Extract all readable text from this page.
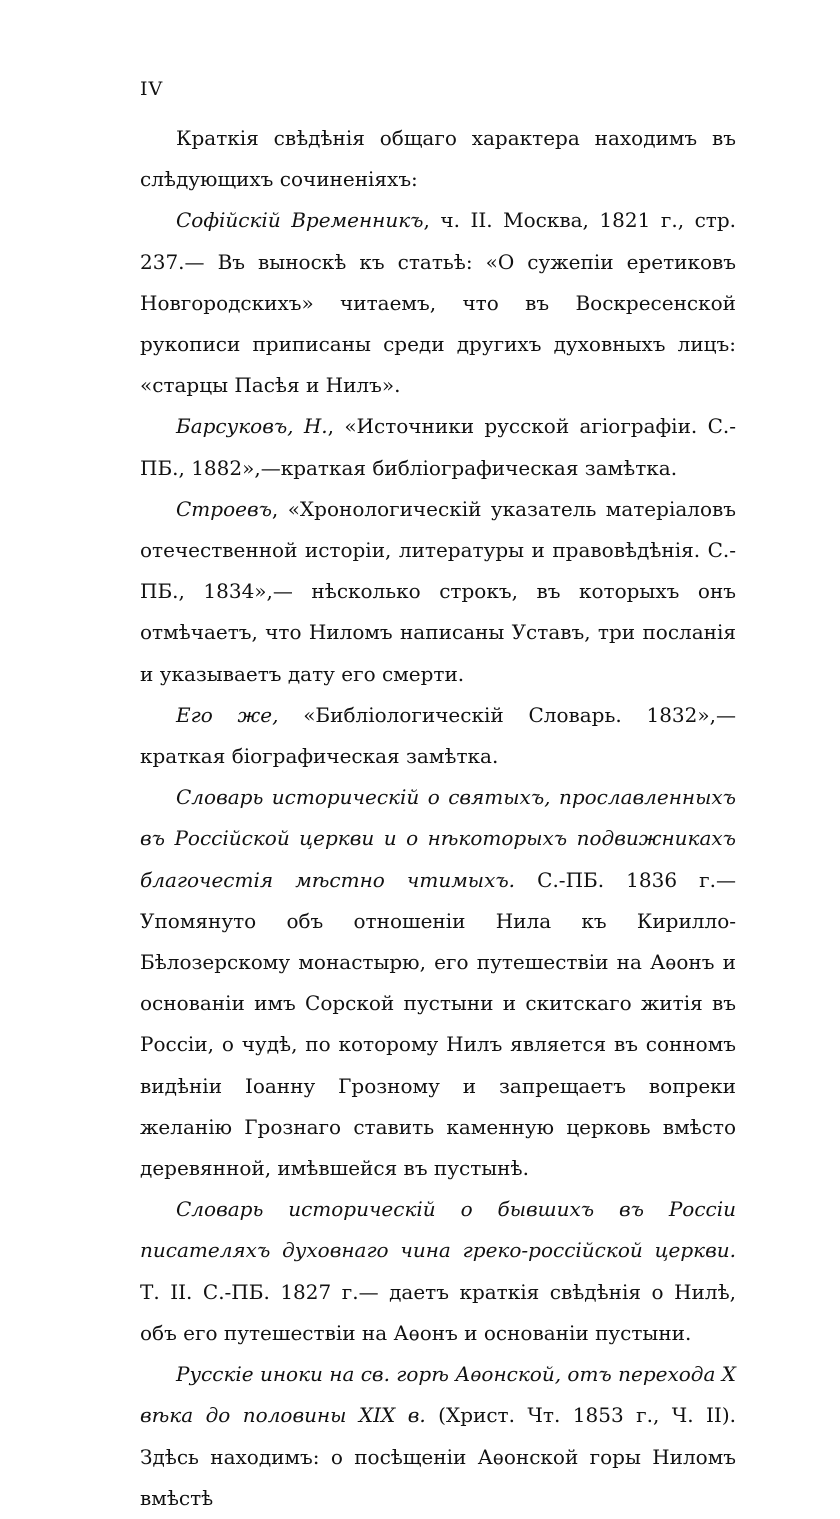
IV

Краткія свѣдѣнія общаго характера находимъ въ слѣдующихъ сочиненіяхъ:

Софійскій Временникъ, ч. II. Москва, 1821 г., стр. 237.— Въ выноскѣ къ статьѣ: «О сужепіи еретиковъ Новгородскихъ» читаемъ, что въ Воскресенской рукописи приписаны среди другихъ духовныхъ лицъ: «старцы Пасѣя и Нилъ».

Барсуковъ, Н., «Источники русской агіографіи. С.-ПБ., 1882»,—краткая библіографическая замѣтка.

Строевъ, «Хронологическій указатель матеріаловъ отечественной исторіи, литературы и правовѣдѣнія. С.-ПБ., 1834»,— нѣсколько строкъ, въ которыхъ онъ отмѣчаетъ, что Ниломъ написаны Уставъ, три посланія и указываетъ дату его смерти.

Его же, «Библіологическій Словарь. 1832»,—краткая біографическая замѣтка.

Словарь историческій о святыхъ, прославленныхъ въ Россійской церкви и о нѣкоторыхъ подвижникахъ благочестія мѣстно чтимыхъ. С.-ПБ. 1836 г.—Упомянуто объ отношеніи Нила къ Кирилло-Бѣлозерскому монастырю, его путешествіи на Аѳонъ и основаніи имъ Сорской пустыни и скитскаго житія въ Россіи, о чудѣ, по которому Нилъ является въ сонномъ видѣніи Іоанну Грозному и запрещаетъ вопреки желанію Грознаго ставить каменную церковь вмѣсто деревянной, имѣвшейся въ пустынѣ.

Словарь историческій о бывшихъ въ Россіи писателяхъ духовнаго чина греко-россійской церкви. Т. II. С.-ПБ. 1827 г.— даетъ краткія свѣдѣнія о Нилѣ, объ его путешествіи на Аѳонъ и основаніи пустыни.

Русскіе иноки на св. горѣ Аѳонской, отъ перехода X вѣка до половины XIX в. (Христ. Чт. 1853 г., Ч. II). Здѣсь находимъ: о посѣщеніи Аѳонской горы Ниломъ вмѣстѣ
